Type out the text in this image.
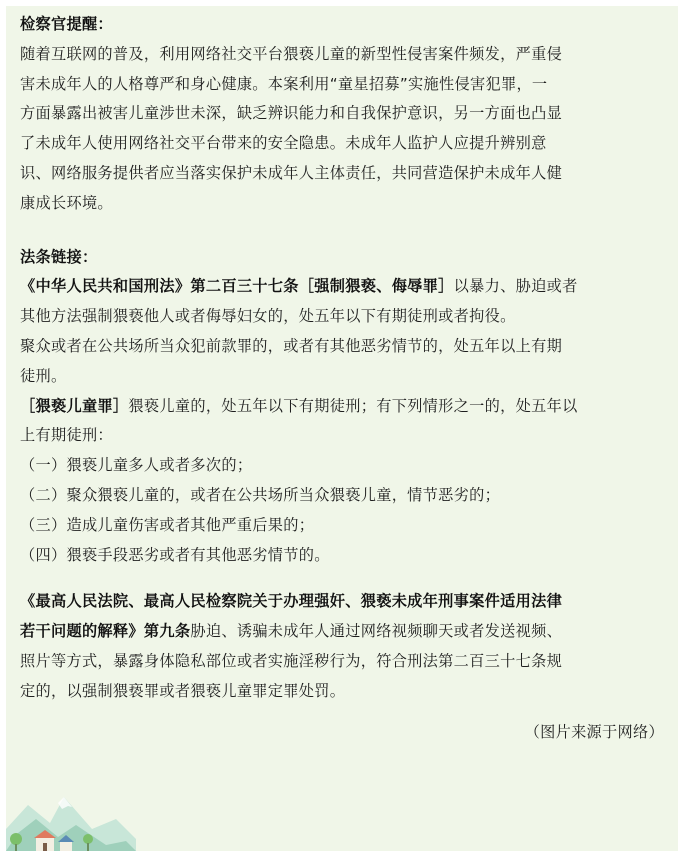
检察官提醒：
随着互联网的普及，利用网络社交平台猥亵儿童的新型性侵害案件频发，严重侵
害未成年人的人格尊严和身心健康。本案利用“童星招募”实施性侵害犯罪，一
方面暴露出被害儿童涉世未深，缺乏辨识能力和自我保护意识，另一方面也凸显
了未成年人使用网络社交平台带来的安全隐患。未成年人监护人应提升辨别意
识、网络服务提供者应当落实保护未成年人主体责任，共同营造保护未成年人健
康成长环境。
法条链接：
《中华人民共和国刑法》第二百三十七条［强制猥亵、侮辱罪］以暴力、胁迫或者
其他方法强制猥亵他人或者侮辱妇女的，处五年以下有期徒刑或者拘役。
聚众或者在公共场所当众犯前款罪的，或者有其他恶劣情节的，处五年以上有期
徒刑。
［猥亵儿童罪］猥亵儿童的，处五年以下有期徒刑；有下列情形之一的，处五年以
上有期徒刑：
（一）猥亵儿童多人或者多次的；
（二）聚众猥亵儿童的，或者在公共场所当众猥亵儿童，情节恶劣的；
（三）造成儿童伤害或者其他严重后果的；
（四）猥亵手段恶劣或者有其他恶劣情节的。
《最高人民法院、最高人民检察院关于办理强奸、猥亵未成年刑事案件适用法律
若干问题的解释》第九条胁迫、诱骗未成年人通过网络视频聊天或者发送视频、
照片等方式，暴露身体隐私部位或者实施淫秽行为，符合刑法第二百三十七条规
定的，以强制猥亵罪或者猥亵儿童罪定罪处罚。
（图片来源于网络）
